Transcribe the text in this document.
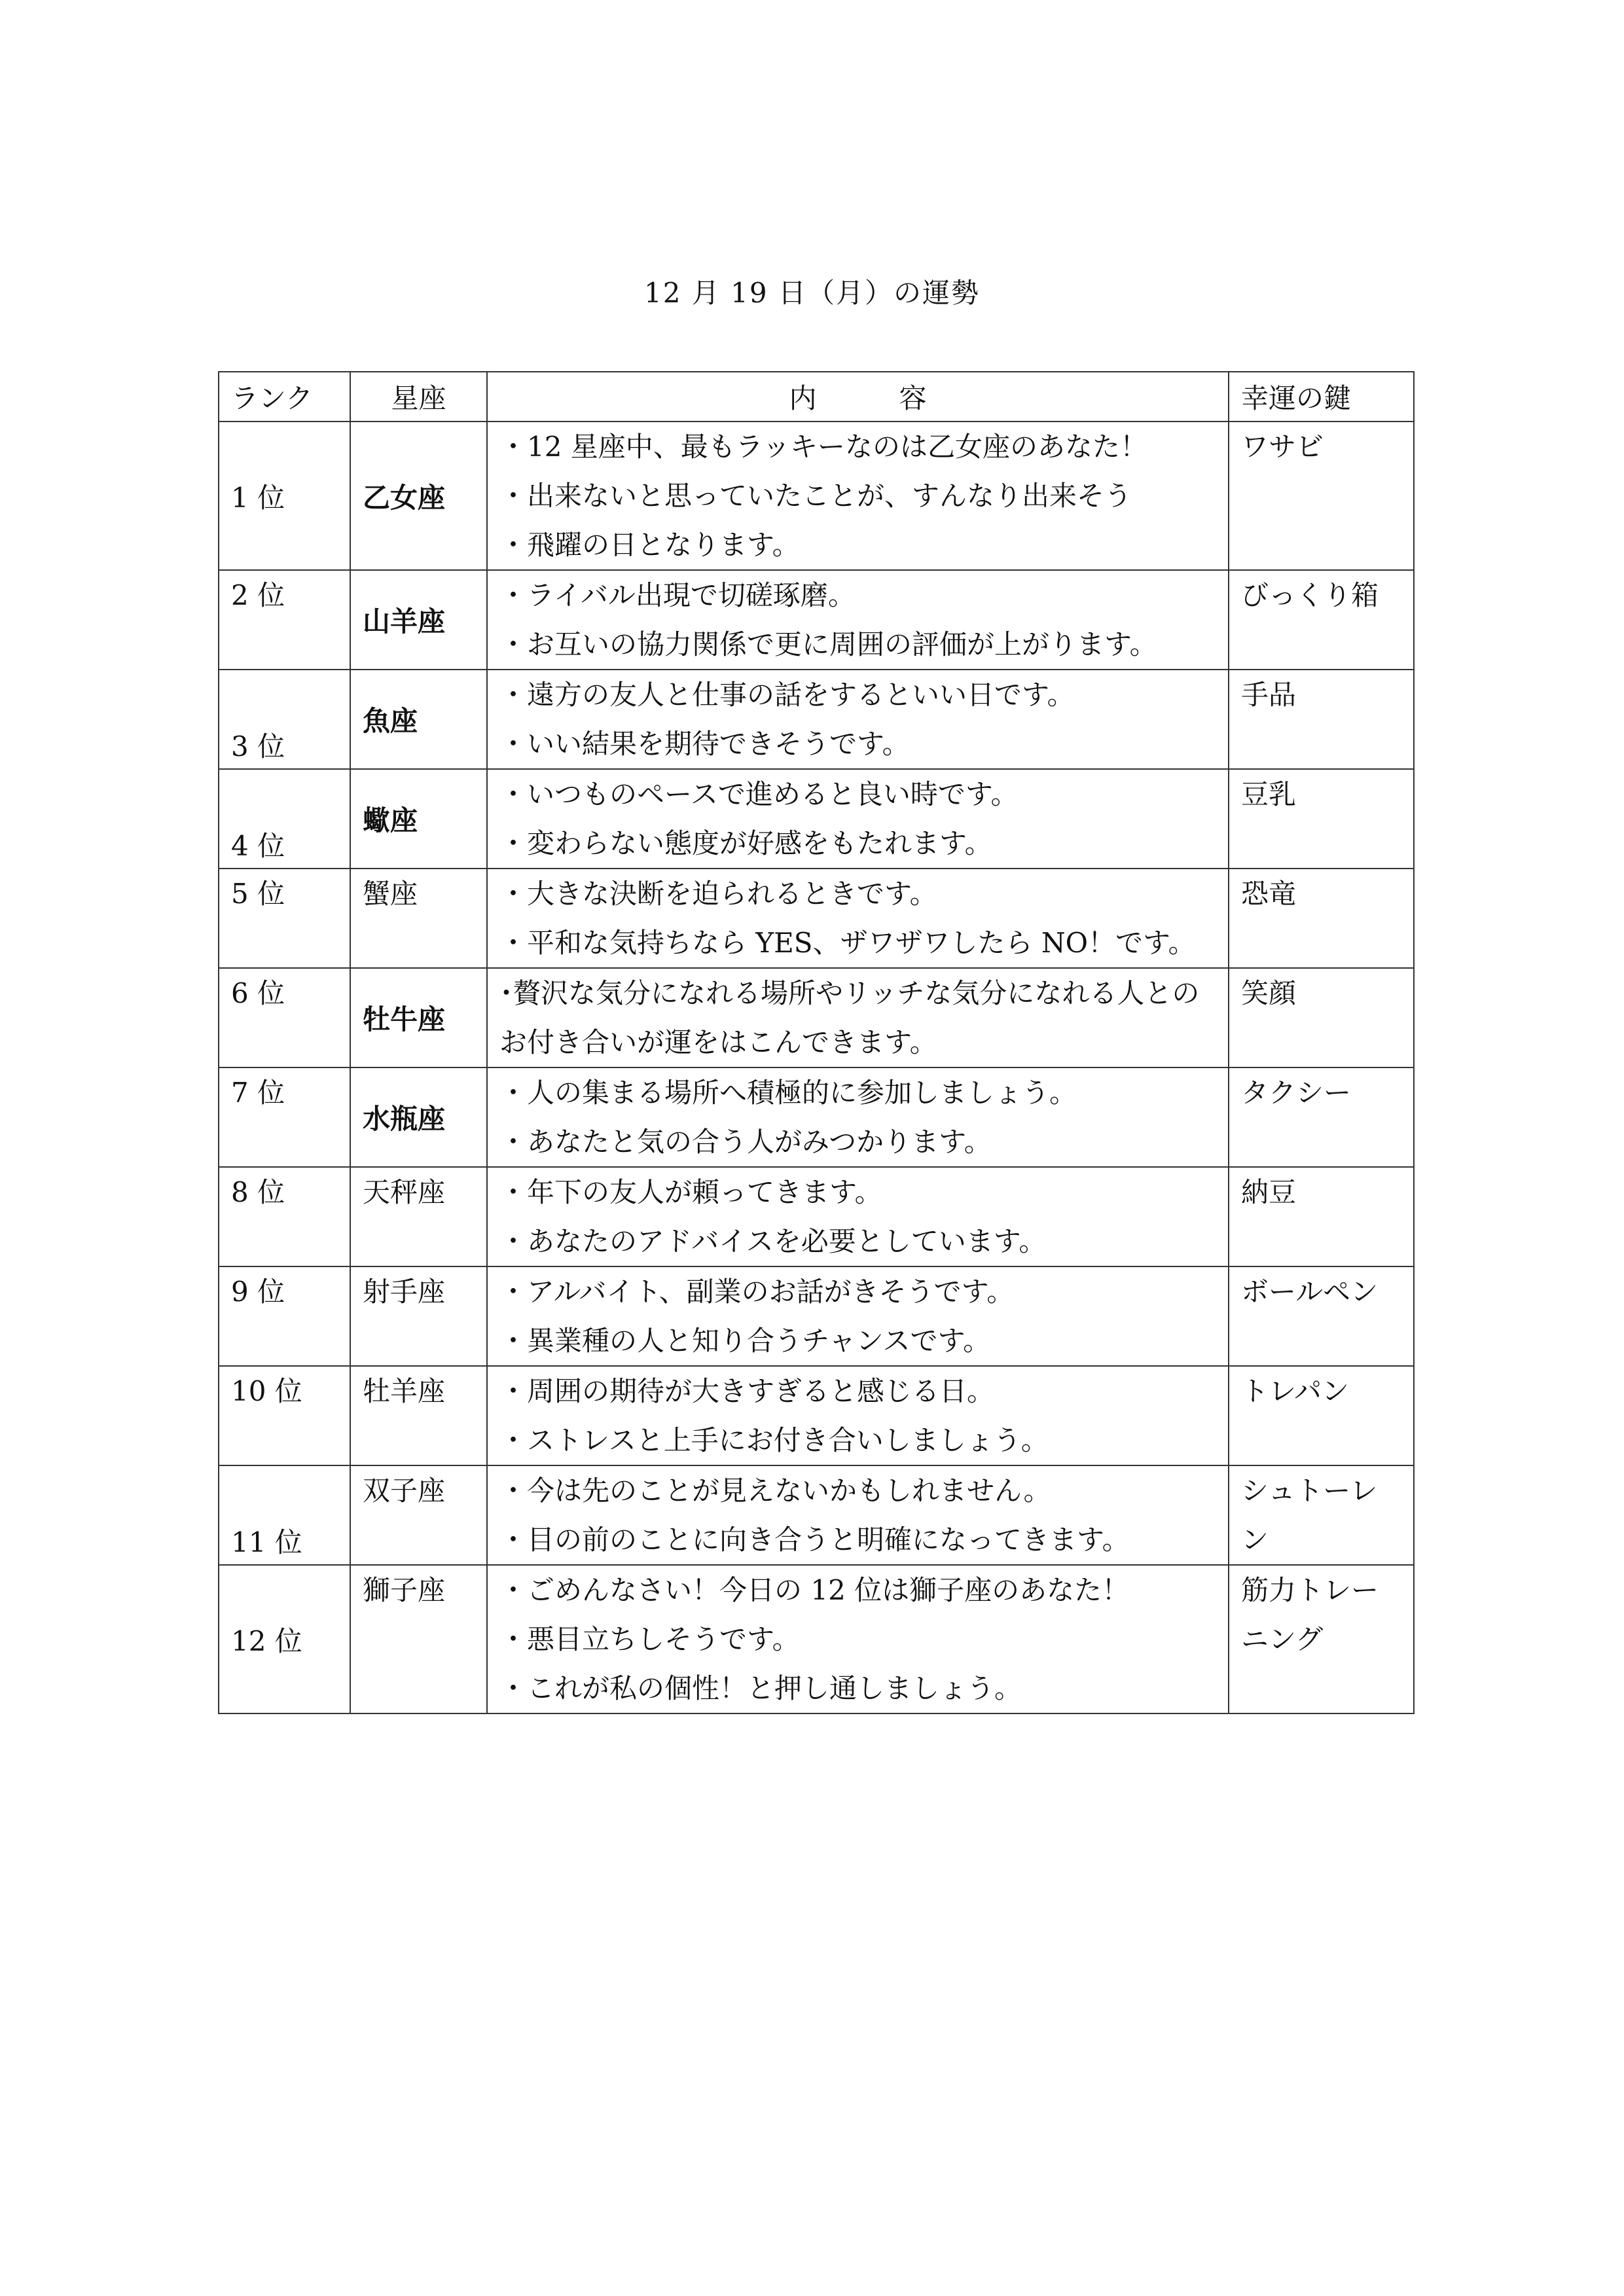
12 月 19 日（月）の運勢
ランク	星座	内　　　容	幸運の鍵
1 位	乙女座	・12 星座中、最もラッキーなのは乙女座のあなた！
・出来ないと思っていたことが、すんなり出来そう
・飛躍の日となります。	ワサビ

2 位	山羊座	・ライバル出現で切磋琢磨。
・お互いの協力関係で更に周囲の評価が上がります。	びっくり箱

3 位	魚座	・遠方の友人と仕事の話をするといい日です。
・いい結果を期待できそうです。	手品

4 位	蠍座	・いつものペースで進めると良い時です。
・変わらない態度が好感をもたれます。	豆乳

5 位	蟹座	・大きな決断を迫られるときです。
・平和な気持ちなら YES、ザワザワしたら NO！です。	恐竜

6 位	牡牛座	･贅沢な気分になれる場所やリッチな気分になれる人とのお付き合いが運をはこんできます。	笑顔

7 位	水瓶座	・人の集まる場所へ積極的に参加しましょう。
・あなたと気の合う人がみつかります。	タクシー

8 位	天秤座	・年下の友人が頼ってきます。
・あなたのアドバイスを必要としています。	納豆

9 位	射手座	・アルバイト、副業のお話がきそうです。
・異業種の人と知り合うチャンスです。	ボールペン

10 位	牡羊座	・周囲の期待が大きすぎると感じる日。
・ストレスと上手にお付き合いしましょう。	トレパン

11 位	双子座	・今は先のことが見えないかもしれません。
・目の前のことに向き合うと明確になってきます。	シュトーレン

12 位	獅子座	・ごめんなさい！今日の 12 位は獅子座のあなた！
・悪目立ちしそうです。
・これが私の個性！と押し通しましょう。	筋力トレーニング
